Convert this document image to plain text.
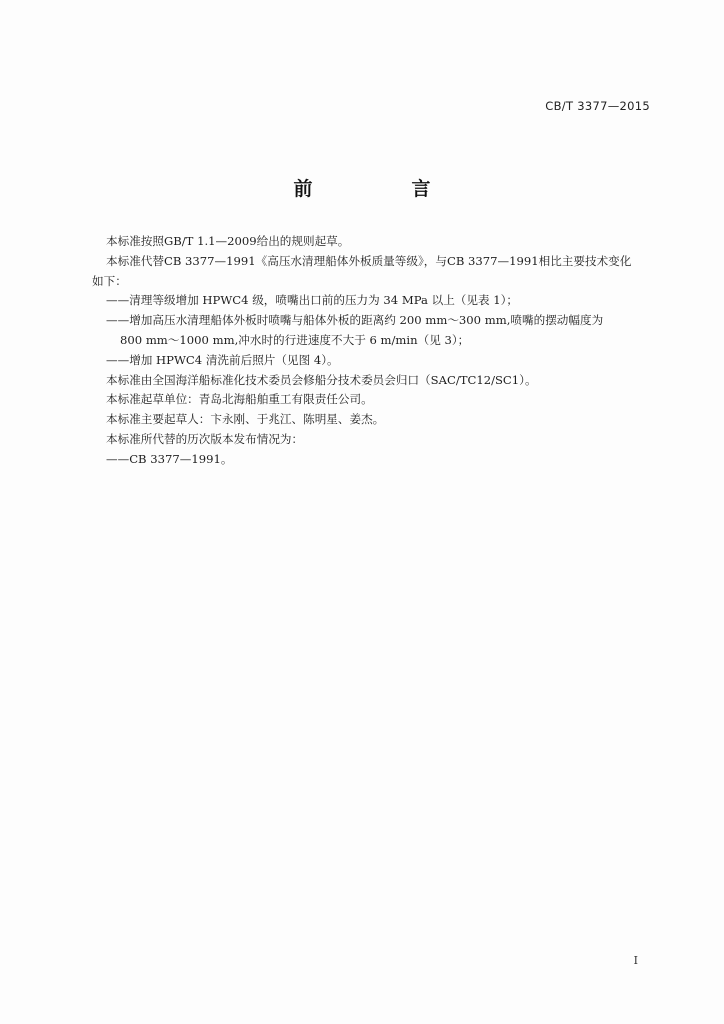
CB/T 3377—2015
前　言

本标准按照GB/T 1.1—2009给出的规则起草。

本标准代替CB 3377—1991《高压水清理船体外板质量等级》，与CB 3377—1991相比主要技术变化

如下：

——清理等级增加 HPWC4 级，喷嘴出口前的压力为 34 MPa 以上（见表 1）；

——增加高压水清理船体外板时喷嘴与船体外板的距离约 200 mm～300 mm,喷嘴的摆动幅度为

800 mm～1000 mm,冲水时的行进速度不大于 6 m/min（见 3）；

——增加 HPWC4 清洗前后照片（见图 4）。

本标准由全国海洋船标准化技术委员会修船分技术委员会归口（SAC/TC12/SC1）。

本标准起草单位：青岛北海船舶重工有限责任公司。

本标准主要起草人：卞永刚、于兆江、陈明星、姜杰。

本标准所代替的历次版本发布情况为：

——CB 3377—1991。

I
